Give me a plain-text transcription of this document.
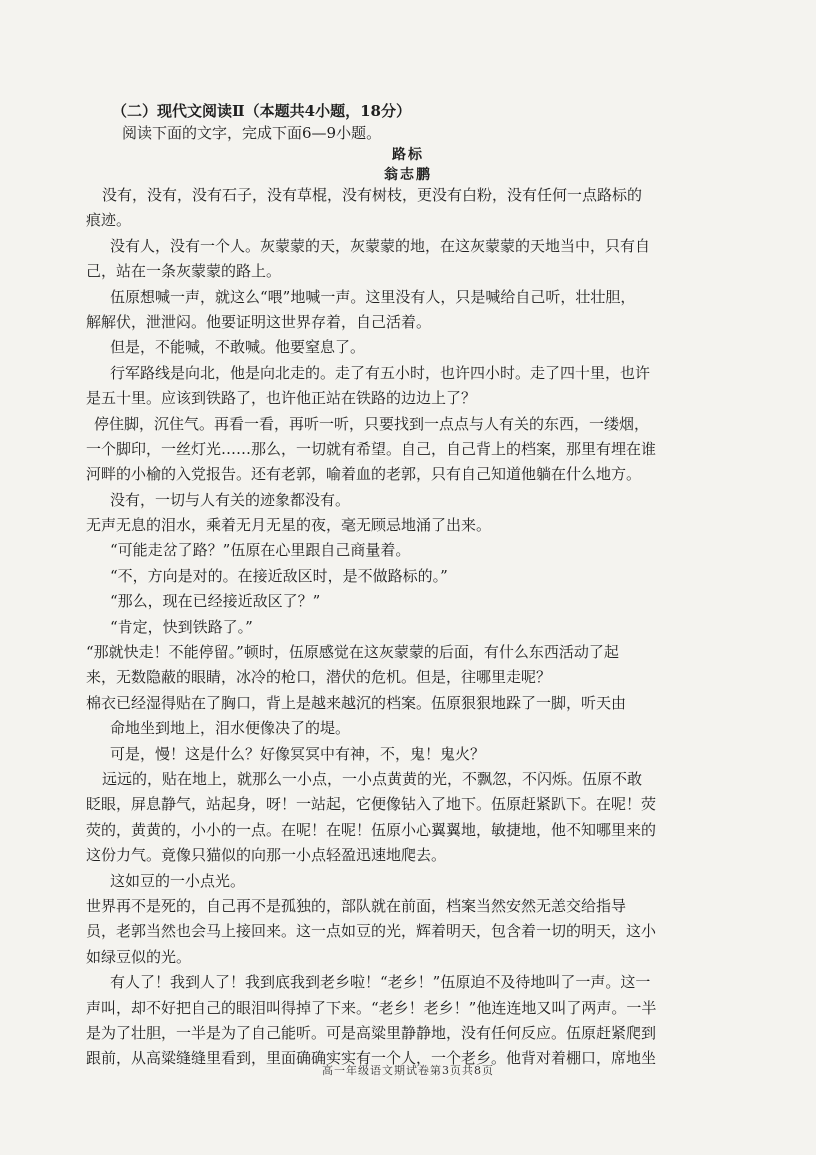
（二）现代文阅读Ⅱ（本题共4小题，18分）
阅读下面的文字，完成下面6—9小题。
路标
翁志鹏
没有，没有，没有石子，没有草棍，没有树枝，更没有白粉，没有任何一点路标的
痕迹。
没有人，没有一个人。灰蒙蒙的天，灰蒙蒙的地，在这灰蒙蒙的天地当中，只有自
己，站在一条灰蒙蒙的路上。
伍原想喊一声，就这么“喂”地喊一声。这里没有人，只是喊给自己听，壮壮胆，
解解伏，泄泄闷。他要证明这世界存着，自己活着。
但是，不能喊，不敢喊。他要窒息了。
行军路线是向北，他是向北走的。走了有五小时，也许四小时。走了四十里，也许
是五十里。应该到铁路了，也许他正站在铁路的边边上了？
停住脚，沉住气。再看一看，再听一听，只要找到一点点与人有关的东西，一缕烟，
一个脚印，一丝灯光……那么，一切就有希望。自己，自己背上的档案，那里有埋在谁
河畔的小榆的入党报告。还有老郭，喻着血的老郭，只有自己知道他躺在什么地方。
没有，一切与人有关的迹象都没有。
无声无息的泪水，乘着无月无星的夜，毫无顾忌地涌了出来。
“可能走岔了路？”伍原在心里跟自己商量着。
“不，方向是对的。在接近敌区时，是不做路标的。”
“那么，现在已经接近敌区了？”
“肯定，快到铁路了。”
“那就快走！不能停留。”顿时，伍原感觉在这灰蒙蒙的后面，有什么东西活动了起
来，无数隐蔽的眼睛，冰冷的枪口，潜伏的危机。但是，往哪里走呢？
棉衣已经湿得贴在了胸口，背上是越来越沉的档案。伍原狠狠地跺了一脚，听天由
命地坐到地上，泪水便像决了的堤。
可是，慢！这是什么？好像冥冥中有神，不，鬼！鬼火？
远远的，贴在地上，就那么一小点，一小点黄黄的光，不飘忽，不闪烁。伍原不敢
眨眼，屏息静气，站起身，呀！一站起，它便像钻入了地下。伍原赶紧趴下。在呢！荧
荧的，黄黄的，小小的一点。在呢！在呢！伍原小心翼翼地，敏捷地，他不知哪里来的
这份力气。竟像只猫似的向那一小点轻盈迅速地爬去。
这如豆的一小点光。
世界再不是死的，自己再不是孤独的，部队就在前面，档案当然安然无恙交给指导
员，老郭当然也会马上接回来。这一点如豆的光，辉着明天，包含着一切的明天，这小
如绿豆似的光。
有人了！我到人了！我到底我到老乡啦！“老乡！”伍原迫不及待地叫了一声。这一
声叫，却不好把自己的眼泪叫得掉了下来。“老乡！老乡！”他连连地又叫了两声。一半
是为了壮胆，一半是为了自己能听。可是高粱里静静地，没有任何反应。伍原赶紧爬到
跟前，从高粱缝缝里看到，里面确确实实有一个人，一个老乡。他背对着棚口，席地坐
高一年级语文期试卷第3页共8页
